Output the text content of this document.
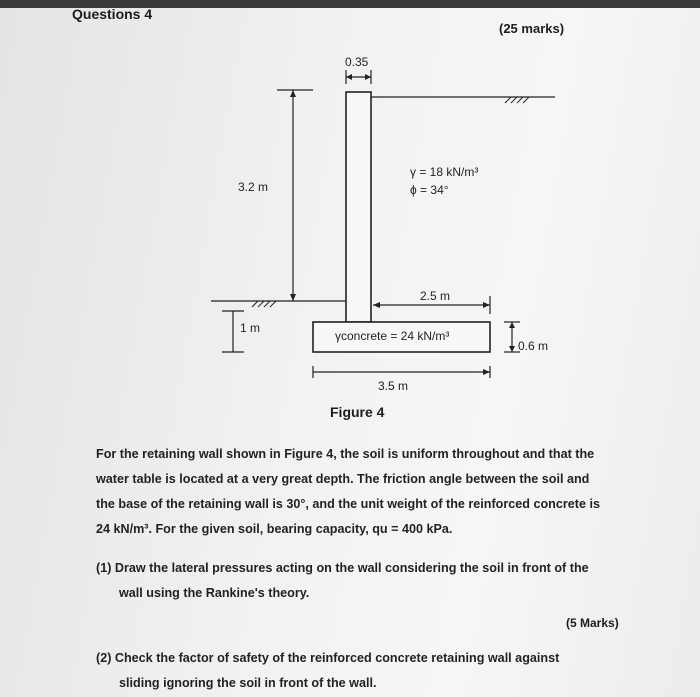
Questions 4
(25 marks)
0.35
3.2 m
γ = 18 kN/m³
ϕ = 34°
2.5 m
1 m
γconcrete = 24 kN/m³
0.6 m
3.5 m
Figure 4
For the retaining wall shown in Figure 4, the soil is uniform throughout and that the
water table is located at a very great depth. The friction angle between the soil and
the base of the retaining wall is 30°, and the unit weight of the reinforced concrete is
24 kN/m³. For the given soil, bearing capacity, qu = 400 kPa.
(1) Draw the lateral pressures acting on the wall considering the soil in front of the
wall using the Rankine's theory.
(5 Marks)
(2) Check the factor of safety of the reinforced concrete retaining wall against
sliding ignoring the soil in front of the wall.
